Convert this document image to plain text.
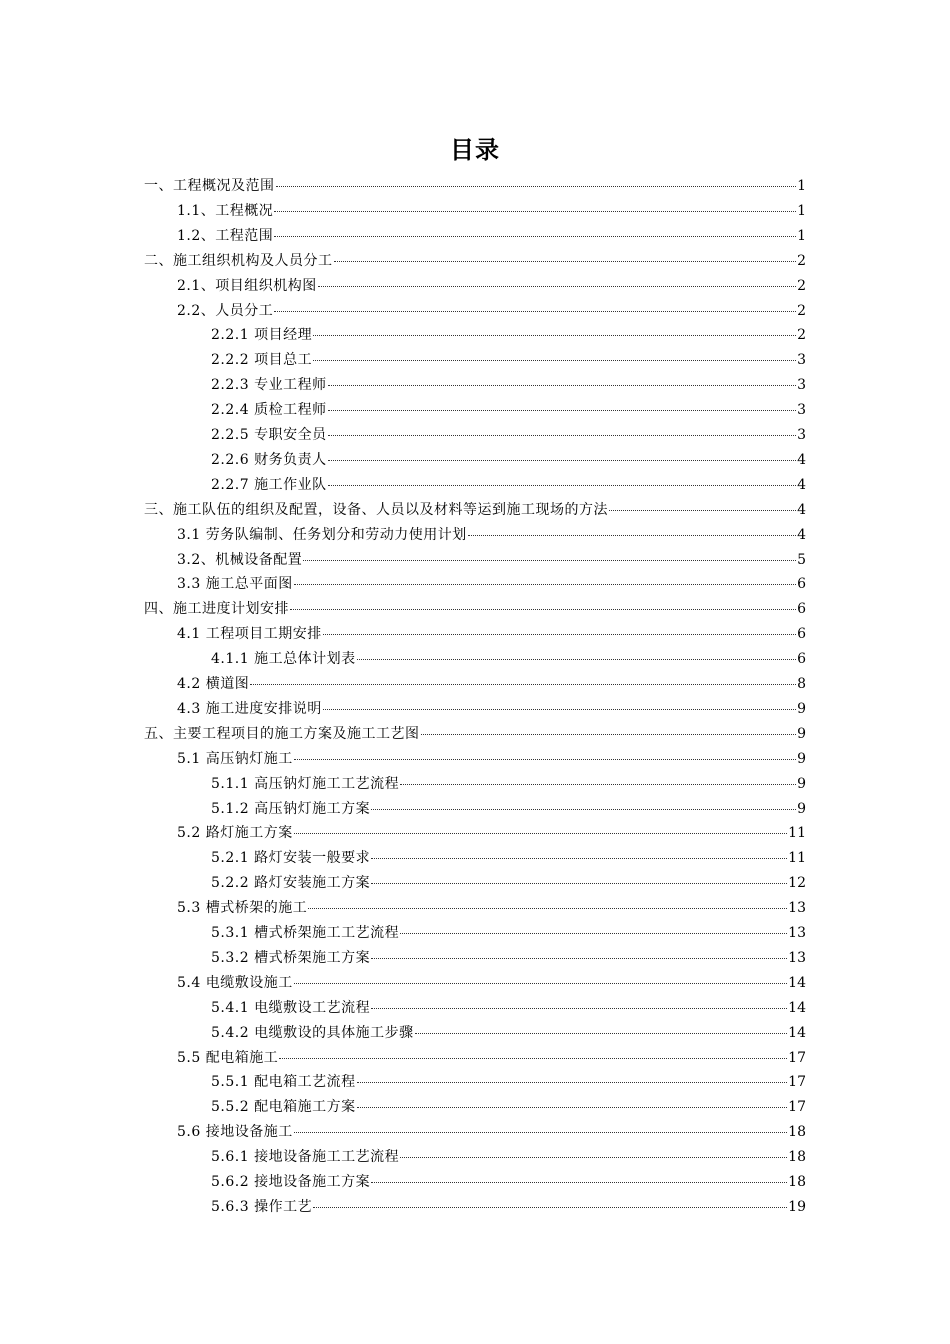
目录
一、工程概况及范围	1
1.1、工程概况	1
1.2、工程范围	1
二、施工组织机构及人员分工	2
2.1、项目组织机构图	2
2.2、人员分工	2
2.2.1 项目经理	2
2.2.2 项目总工	3
2.2.3 专业工程师	3
2.2.4 质检工程师	3
2.2.5 专职安全员	3
2.2.6 财务负责人	4
2.2.7 施工作业队	4
三、施工队伍的组织及配置，设备、人员以及材料等运到施工现场的方法	4
3.1 劳务队编制、任务划分和劳动力使用计划	4
3.2、机械设备配置	5
3.3 施工总平面图	6
四、施工进度计划安排	6
4.1 工程项目工期安排	6
4.1.1 施工总体计划表	6
4.2 横道图	8
4.3 施工进度安排说明	9
五、主要工程项目的施工方案及施工工艺图	9
5.1 高压钠灯施工	9
5.1.1 高压钠灯施工工艺流程	9
5.1.2 高压钠灯施工方案	9
5.2 路灯施工方案	11
5.2.1 路灯安装一般要求	11
5.2.2 路灯安装施工方案	12
5.3 槽式桥架的施工	13
5.3.1 槽式桥架施工工艺流程	13
5.3.2 槽式桥架施工方案	13
5.4 电缆敷设施工	14
5.4.1 电缆敷设工艺流程	14
5.4.2 电缆敷设的具体施工步骤	14
5.5 配电箱施工	17
5.5.1 配电箱工艺流程	17
5.5.2 配电箱施工方案	17
5.6 接地设备施工	18
5.6.1 接地设备施工工艺流程	18
5.6.2 接地设备施工方案	18
5.6.3 操作工艺	19
